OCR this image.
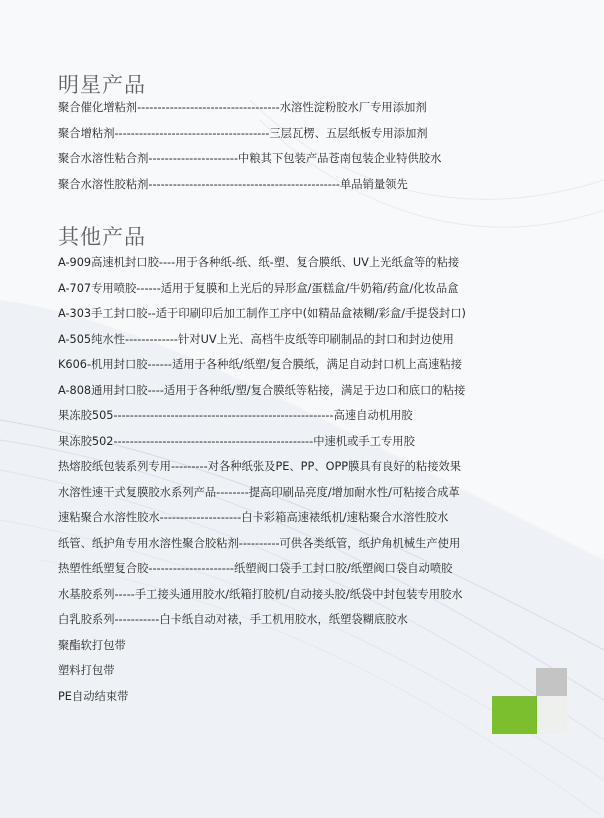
明星产品
聚合催化增粘剂-----------------------------------水溶性淀粉胶水厂专用添加剂
聚合增粘剂--------------------------------------三层瓦楞、五层纸板专用添加剂
聚合水溶性粘合剂----------------------中粮其下包装产品苍南包装企业特供胶水
聚合水溶性胶粘剂-----------------------------------------------单品销量领先
其他产品
A-909高速机封口胶----用于各种纸-纸、纸-塑、复合膜纸、UV上光纸盒等的粘接
A-707专用喷胶------适用于复膜和上光后的异形盒/蛋糕盒/牛奶箱/药盒/化妆品盒
A-303手工封口胶--适于印刷印后加工制作工序中(如精品盒裱糊/彩盒/手提袋封口)
A-505纯水性-------------针对UV上光、高档牛皮纸等印刷制品的封口和封边使用
K606-机用封口胶------适用于各种纸/纸塑/复合膜纸，满足自动封口机上高速粘接
A-808通用封口胶----适用于各种纸/塑/复合膜纸等粘接，满足于边口和底口的粘接
果冻胶505------------------------------------------------------高速自动机用胶
果冻胶502-------------------------------------------------中速机或手工专用胶
热熔胶纸包装系列专用---------对各种纸张及PE、PP、OPP膜具有良好的粘接效果
水溶性速干式复膜胶水系列产品--------提高印刷品亮度/增加耐水性/可粘接合成革
速粘聚合水溶性胶水--------------------白卡彩箱高速裱纸机/速粘聚合水溶性胶水
纸管、纸护角专用水溶性聚合胶粘剂----------可供各类纸管，纸护角机械生产使用
热塑性纸塑复合胶---------------------纸塑阀口袋手工封口胶/纸塑阀口袋自动喷胶
水基胶系列-----手工接头通用胶水/纸箱打胶机/自动接头胶/纸袋中封包装专用胶水
白乳胶系列-----------白卡纸自动对裱，手工机用胶水，纸塑袋糊底胶水
聚酯软打包带
塑料打包带
PE自动结束带
